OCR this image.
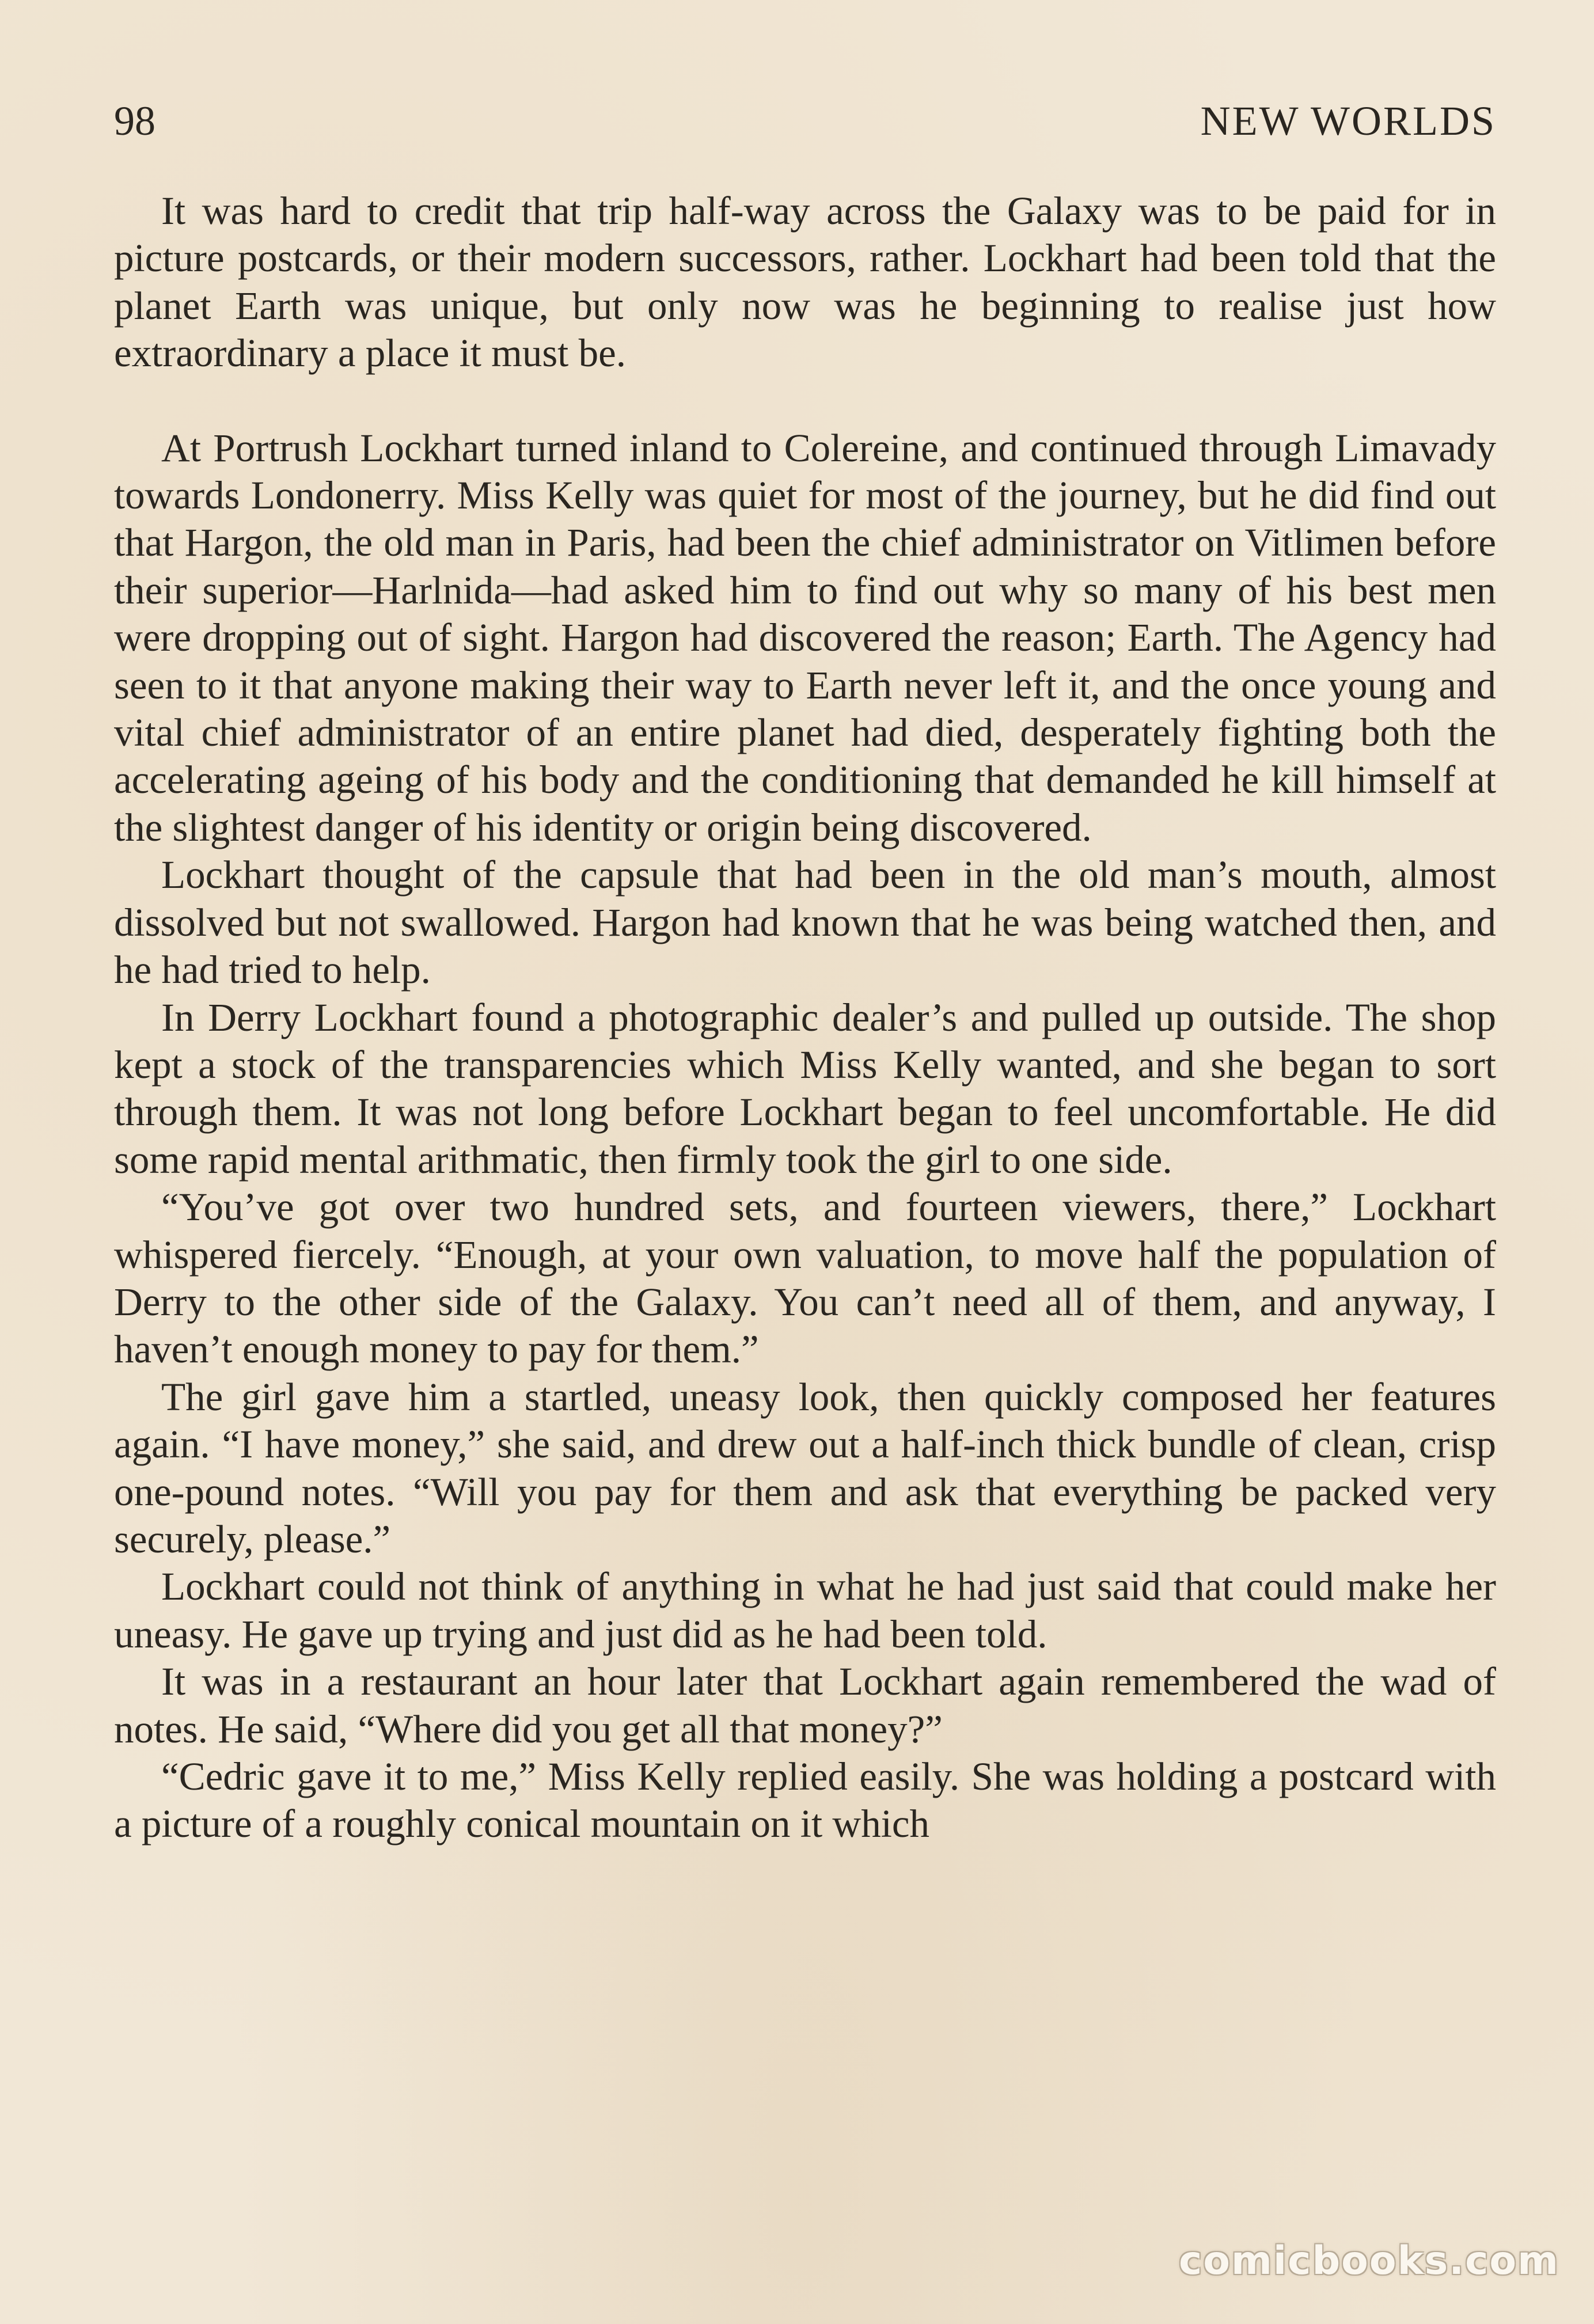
98	NEW WORLDS

It was hard to credit that trip half-way across the Galaxy was to be paid for in picture postcards, or their modern successors, rather. Lockhart had been told that the planet Earth was unique, but only now was he beginning to realise just how extraordinary a place it must be.

At Portrush Lockhart turned inland to Colereine, and continued through Limavady towards Londonerry. Miss Kelly was quiet for most of the journey, but he did find out that Hargon, the old man in Paris, had been the chief administrator on Vitlimen before their superior—Harlnida—had asked him to find out why so many of his best men were dropping out of sight. Hargon had discovered the reason; Earth. The Agency had seen to it that anyone making their way to Earth never left it, and the once young and vital chief administrator of an entire planet had died, desperately fighting both the accelerating ageing of his body and the conditioning that demanded he kill himself at the slightest danger of his identity or origin being discovered.

Lockhart thought of the capsule that had been in the old man’s mouth, almost dissolved but not swallowed. Hargon had known that he was being watched then, and he had tried to help.

In Derry Lockhart found a photographic dealer’s and pulled up outside. The shop kept a stock of the transparencies which Miss Kelly wanted, and she began to sort through them. It was not long before Lockhart began to feel uncomfortable. He did some rapid mental arithmatic, then firmly took the girl to one side.

“You’ve got over two hundred sets, and fourteen viewers, there,” Lockhart whispered fiercely. “Enough, at your own valuation, to move half the population of Derry to the other side of the Galaxy. You can’t need all of them, and anyway, I haven’t enough money to pay for them.”

The girl gave him a startled, uneasy look, then quickly composed her features again. “I have money,” she said, and drew out a half-inch thick bundle of clean, crisp one-pound notes. “Will you pay for them and ask that everything be packed very securely, please.”

Lockhart could not think of anything in what he had just said that could make her uneasy. He gave up trying and just did as he had been told.

It was in a restaurant an hour later that Lockhart again remembered the wad of notes. He said, “Where did you get all that money?”

“Cedric gave it to me,” Miss Kelly replied easily. She was holding a postcard with a picture of a roughly conical mountain on it which

comicbooks.com
